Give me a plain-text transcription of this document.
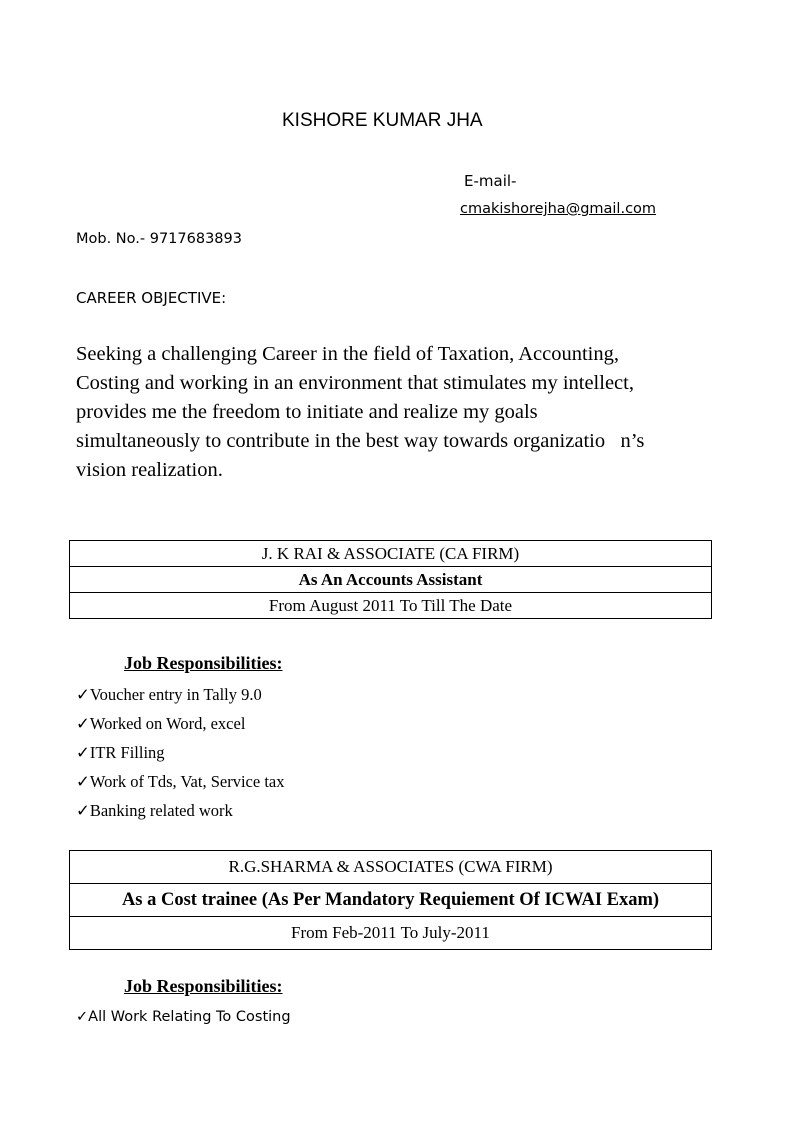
KISHORE KUMAR JHA
E-mail-
cmakishorejha@gmail.com
Mob. No.- 9717683893
CAREER OBJECTIVE:
Seeking a challenging Career in the field of Taxation, Accounting,
Costing and working in an environment that stimulates my intellect,
provides me the freedom to initiate and realize my goals
simultaneously to contribute in the best way towards organizatio   n’s
vision realization.
J. K RAI & ASSOCIATE (CA FIRM)
As An Accounts Assistant
From August 2011 To Till The Date
Job Responsibilities:
✓Voucher entry in Tally 9.0
✓Worked on Word, excel
✓ITR Filling
✓Work of Tds, Vat, Service tax
✓Banking related work
R.G.SHARMA & ASSOCIATES (CWA FIRM)
As a Cost trainee (As Per Mandatory Requiement Of ICWAI Exam)
From Feb-2011 To July-2011
Job Responsibilities:
✓All Work Relating To Costing
